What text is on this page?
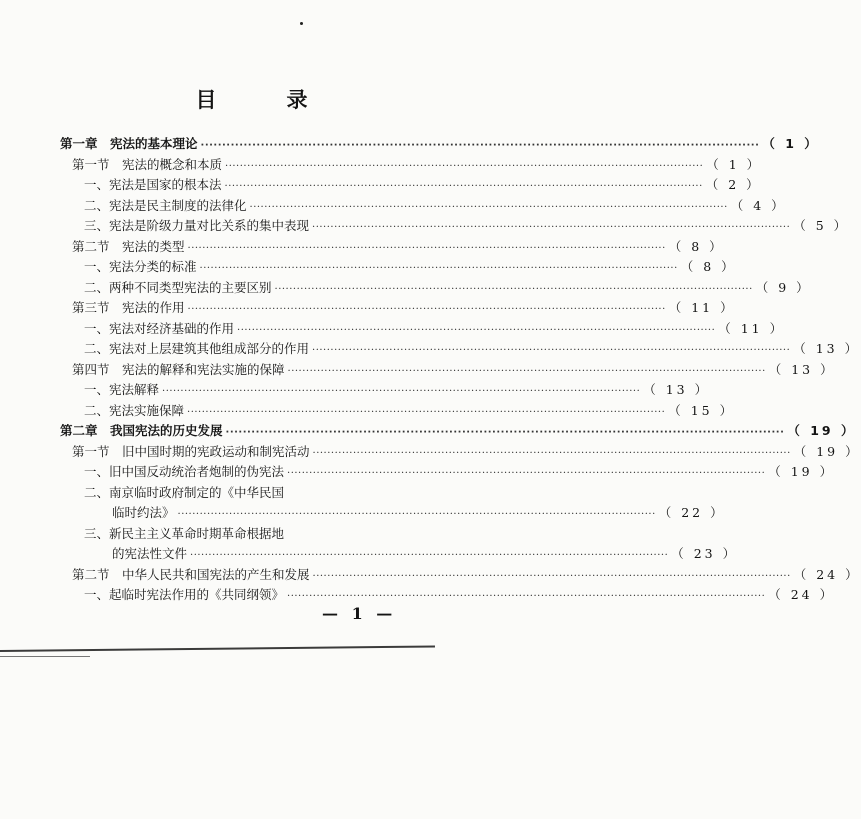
目	录
第一章　宪法的基本理论 ·····	（ 1 ）
第一节　宪法的概念和本质 ·····	（ 1 ）
一、宪法是国家的根本法 ·····	（ 2 ）
二、宪法是民主制度的法律化 ·····	（ 4 ）
三、宪法是阶级力量对比关系的集中表现 ·····	（ 5 ）
第二节　宪法的类型 ·····	（ 8 ）
一、宪法分类的标准 ·····	（ 8 ）
二、两种不同类型宪法的主要区别 ·····	（ 9 ）
第三节　宪法的作用 ·····	（ 11 ）
一、宪法对经济基础的作用 ·····	（ 11 ）
二、宪法对上层建筑其他组成部分的作用 ·····	（ 13 ）
第四节　宪法的解释和宪法实施的保障 ·····	（ 13 ）
一、宪法解释 ·····	（ 13 ）
二、宪法实施保障 ·····	（ 15 ）
第二章　我国宪法的历史发展 ·····	（ 19 ）
第一节　旧中国时期的宪政运动和制宪活动 ·····	（ 19 ）
一、旧中国反动统治者炮制的伪宪法 ·····	（ 19 ）
二、南京临时政府制定的《中华民国
临时约法》 ·····	（ 22 ）
三、新民主主义革命时期革命根据地
的宪法性文件 ·····	（ 23 ）
第二节　中华人民共和国宪法的产生和发展 ·····	（ 24 ）
一、起临时宪法作用的《共同纲领》 ·····	（ 24 ）
— 1 —
